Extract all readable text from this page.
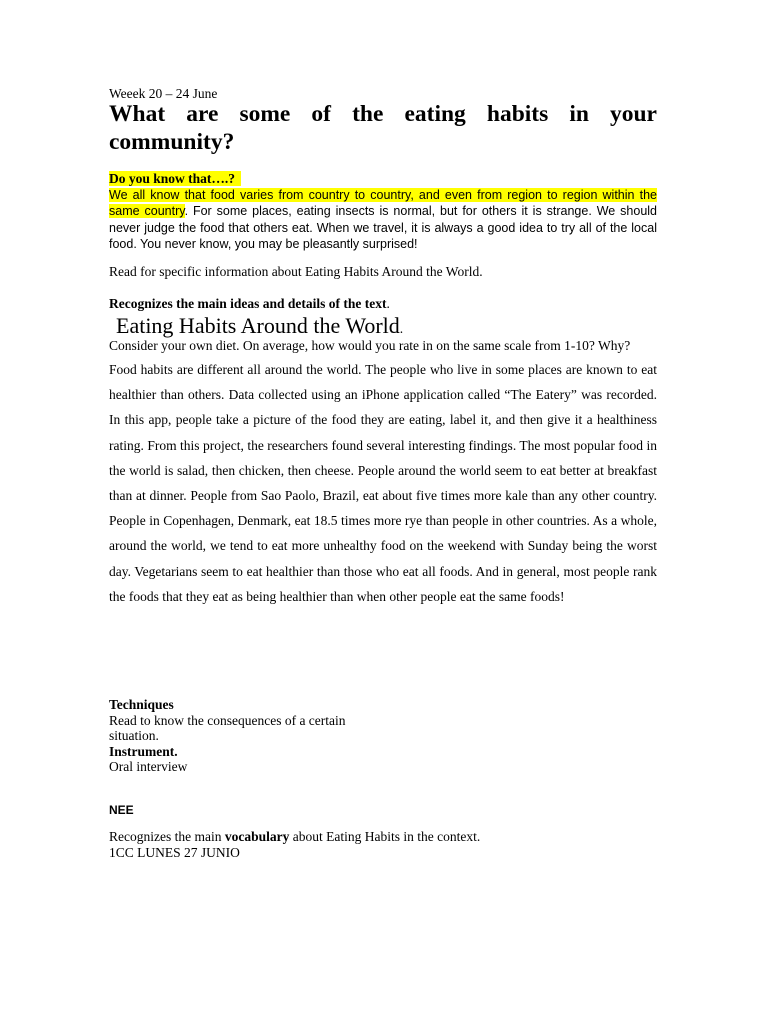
Weeek 20 – 24 June
What are some of the eating habits in your community?
Do you know that….?
We all know that food varies from country to country, and even from region to region within the same country. For some places, eating insects is normal, but for others it is strange. We should never judge the food that others eat. When we travel, it is always a good idea to try all of the local food. You never know, you may be pleasantly surprised!
Read for specific information about Eating Habits Around the World.
Recognizes the main ideas and details of the text.
Eating Habits Around the World.
Consider your own diet. On average, how would you rate in on the same scale from 1-10? Why?

Food habits are different all around the world. The people who live in some places are known to eat healthier than others. Data collected using an iPhone application called “The Eatery” was recorded. In this app, people take a picture of the food they are eating, label it, and then give it a healthiness rating. From this project, the researchers found several interesting findings. The most popular food in the world is salad, then chicken, then cheese. People around the world seem to eat better at breakfast than at dinner. People from Sao Paolo, Brazil, eat about five times more kale than any other country. People in Copenhagen, Denmark, eat 18.5 times more rye than people in other countries. As a whole, around the world, we tend to eat more unhealthy food on the weekend with Sunday being the worst day. Vegetarians seem to eat healthier than those who eat all foods. And in general, most people rank the foods that they eat as being healthier than when other people eat the same foods!

Techniques
Read to know the consequences of a certain situation.
Instrument.
Oral interview
NEE
Recognizes the main vocabulary about Eating Habits in the context.
1CC LUNES 27 JUNIO
